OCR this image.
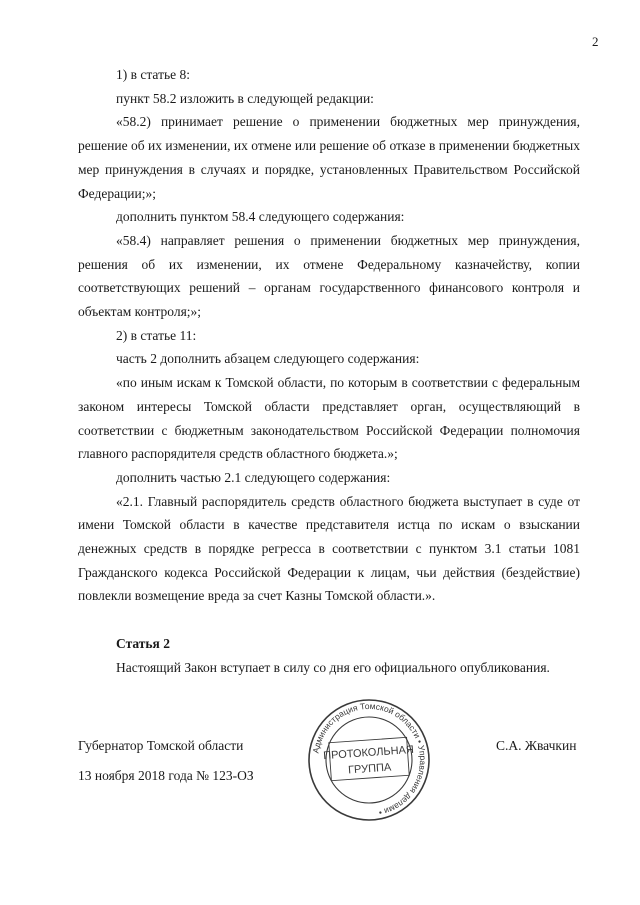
2

1) в статье 8:

пункт 58.2 изложить в следующей редакции:

«58.2) принимает решение о применении бюджетных мер принуждения, решение об их изменении, их отмене или решение об отказе в применении бюджетных мер принуждения в случаях и порядке, установленных Правительством Российской Федерации;»;

дополнить пунктом 58.4 следующего содержания:

«58.4) направляет решения о применении бюджетных мер принуждения, решения об их изменении, их отмене Федеральному казначейству, копии соответствующих решений – органам государственного финансового контроля и объектам контроля;»;

2) в статье 11:

часть 2 дополнить абзацем следующего содержания:

«по иным искам к Томской области, по которым в соответствии с федеральным законом интересы Томской области представляет орган, осуществляющий в соответствии с бюджетным законодательством Российской Федерации полномочия главного распорядителя средств областного бюджета.»;

дополнить частью 2.1 следующего содержания:

«2.1. Главный распорядитель средств областного бюджета выступает в суде от имени Томской области в качестве представителя истца по искам о взыскании денежных средств в порядке регресса в соответствии с пунктом 3.1 статьи 1081 Гражданского кодекса Российской Федерации к лицам, чьи действия (бездействие) повлекли возмещение вреда за счет Казны Томской области.».

Статья 2

Настоящий Закон вступает в силу со дня его официального опубликования.

Губернатор Томской области	С.А. Жвачкин

13 ноября 2018 года № 123-ОЗ

Администрация Томской области • Управления делами •
ПРОТОКОЛЬНАЯ
ГРУППА
